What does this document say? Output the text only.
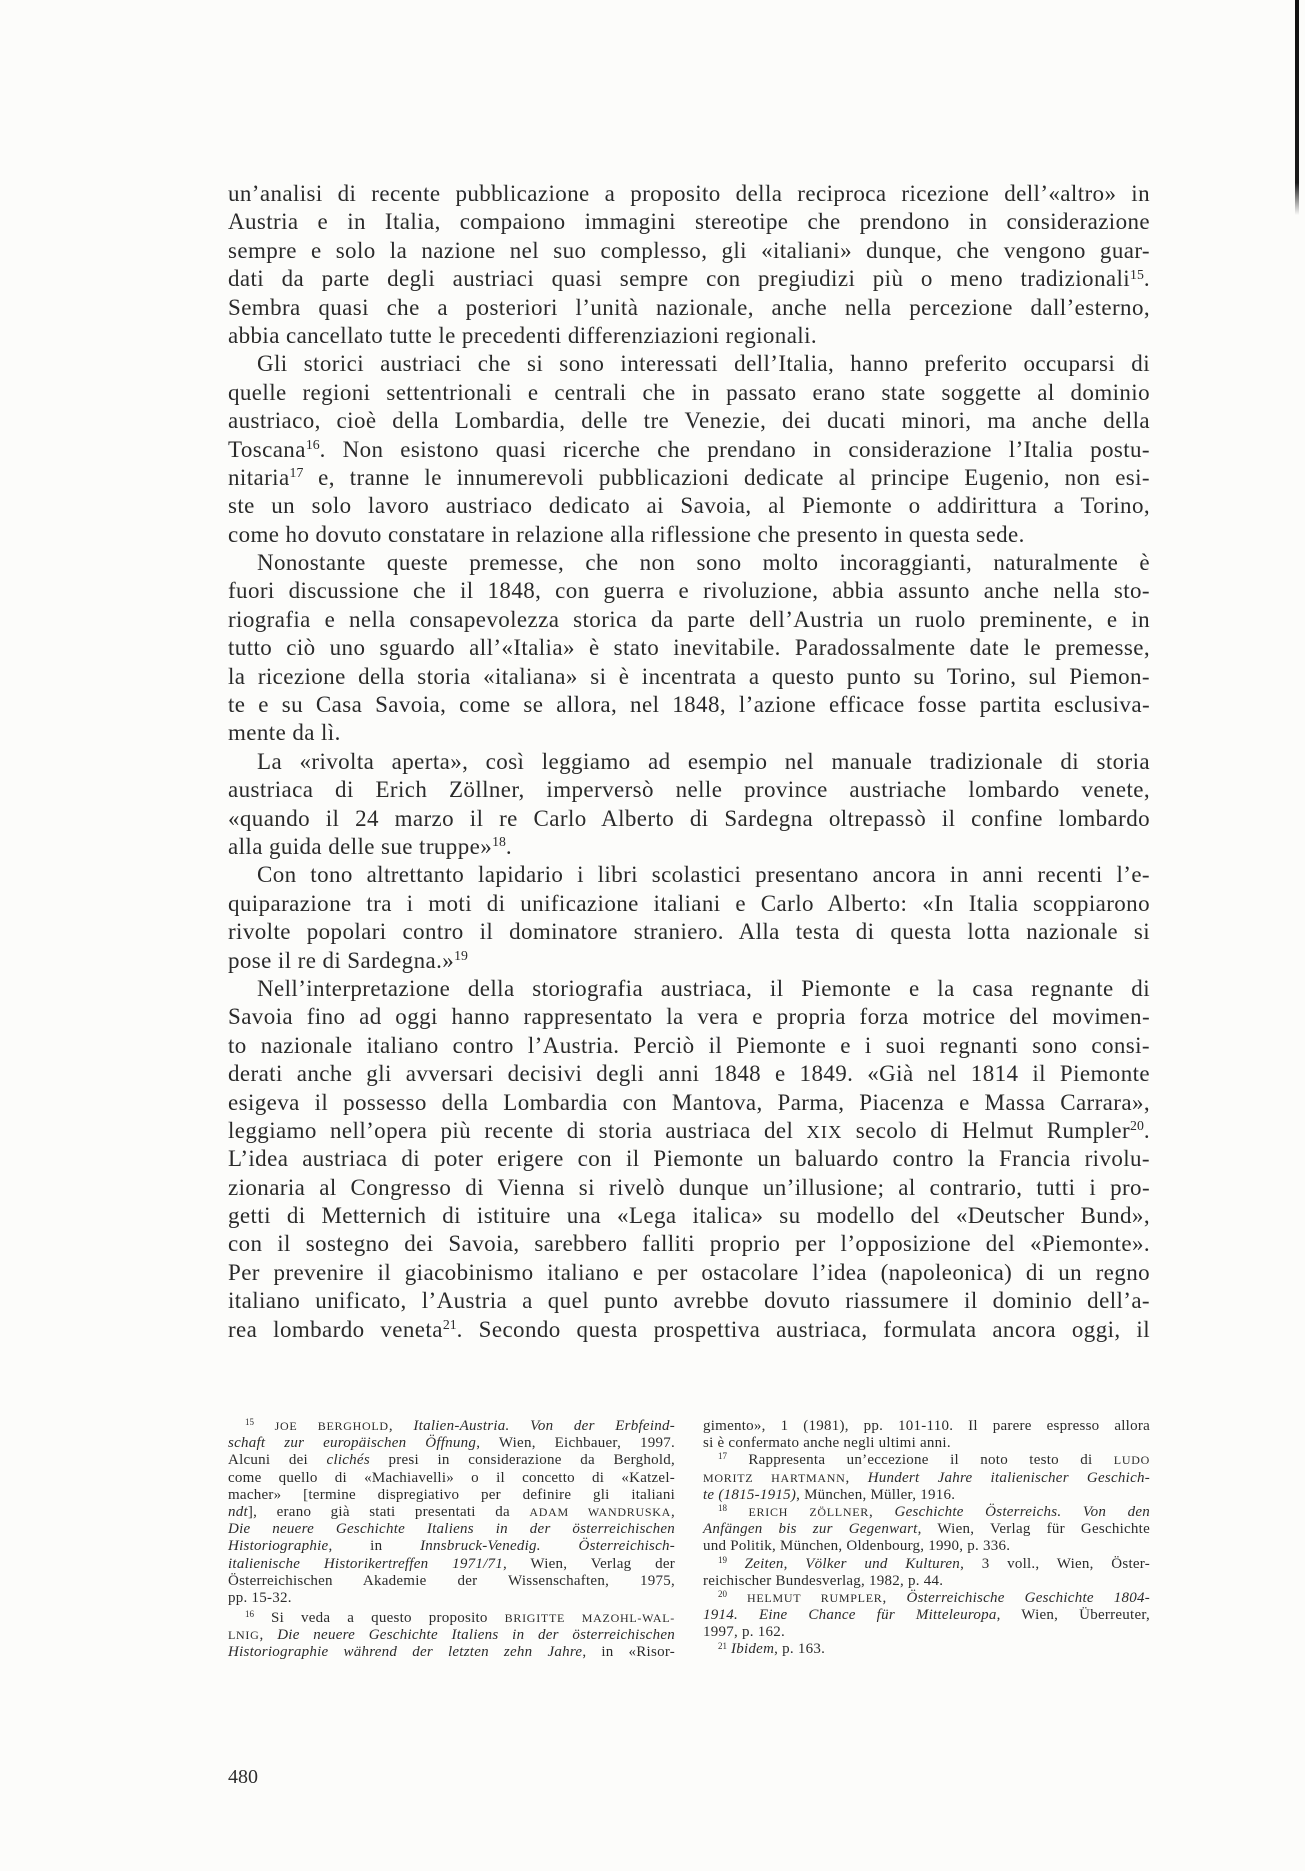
un’analisi di recente pubblicazione a proposito della reciproca ricezione dell’«altro» in
Austria e in Italia, compaiono immagini stereotipe che prendono in considerazione
sempre e solo la nazione nel suo complesso, gli «italiani» dunque, che vengono guar-
dati da parte degli austriaci quasi sempre con pregiudizi più o meno tradizionali$^{15}$.
Sembra quasi che a posteriori l’unità nazionale, anche nella percezione dall’esterno,
abbia cancellato tutte le precedenti differenziazioni regionali.
Gli storici austriaci che si sono interessati dell’Italia, hanno preferito occuparsi di
quelle regioni settentrionali e centrali che in passato erano state soggette al dominio
austriaco, cioè della Lombardia, delle tre Venezie, dei ducati minori, ma anche della
Toscana$^{16}$. Non esistono quasi ricerche che prendano in considerazione l’Italia postu-
nitaria$^{17}$ e, tranne le innumerevoli pubblicazioni dedicate al principe Eugenio, non esi-
ste un solo lavoro austriaco dedicato ai Savoia, al Piemonte o addirittura a Torino,
come ho dovuto constatare in relazione alla riflessione che presento in questa sede.
Nonostante queste premesse, che non sono molto incoraggianti, naturalmente è
fuori discussione che il 1848, con guerra e rivoluzione, abbia assunto anche nella sto-
riografia e nella consapevolezza storica da parte dell’Austria un ruolo preminente, e in
tutto ciò uno sguardo all’«Italia» è stato inevitabile. Paradossalmente date le premesse,
la ricezione della storia «italiana» si è incentrata a questo punto su Torino, sul Piemon-
te e su Casa Savoia, come se allora, nel 1848, l’azione efficace fosse partita esclusiva-
mente da lì.
La «rivolta aperta», così leggiamo ad esempio nel manuale tradizionale di storia
austriaca di Erich Zöllner, imperversò nelle province austriache lombardo venete,
«quando il 24 marzo il re Carlo Alberto di Sardegna oltrepassò il confine lombardo
alla guida delle sue truppe»$^{18}$.
Con tono altrettanto lapidario i libri scolastici presentano ancora in anni recenti l’e-
quiparazione tra i moti di unificazione italiani e Carlo Alberto: «In Italia scoppiarono
rivolte popolari contro il dominatore straniero. Alla testa di questa lotta nazionale si
pose il re di Sardegna.»$^{19}$
Nell’interpretazione della storiografia austriaca, il Piemonte e la casa regnante di
Savoia fino ad oggi hanno rappresentato la vera e propria forza motrice del movimen-
to nazionale italiano contro l’Austria. Perciò il Piemonte e i suoi regnanti sono consi-
derati anche gli avversari decisivi degli anni 1848 e 1849. «Già nel 1814 il Piemonte
esigeva il possesso della Lombardia con Mantova, Parma, Piacenza e Massa Carrara»,
leggiamo nell’opera più recente di storia austriaca del XIX secolo di Helmut Rumpler$^{20}$.
L’idea austriaca di poter erigere con il Piemonte un baluardo contro la Francia rivolu-
zionaria al Congresso di Vienna si rivelò dunque un’illusione; al contrario, tutti i pro-
getti di Metternich di istituire una «Lega italica» su modello del «Deutscher Bund»,
con il sostegno dei Savoia, sarebbero falliti proprio per l’opposizione del «Piemonte».
Per prevenire il giacobinismo italiano e per ostacolare l’idea (napoleonica) di un regno
italiano unificato, l’Austria a quel punto avrebbe dovuto riassumere il dominio dell’a-
rea lombardo veneta$^{21}$. Secondo questa prospettiva austriaca, formulata ancora oggi, il
$^{15}$ JOE BERGHOLD, Italien-Austria. Von der Erbfeind-
schaft zur europäischen Öffnung, Wien, Eichbauer, 1997.
Alcuni dei clichés presi in considerazione da Berghold,
come quello di «Machiavelli» o il concetto di «Katzel-
macher» [termine dispregiativo per definire gli italiani
ndt], erano già stati presentati da ADAM WANDRUSKA,
Die neuere Geschichte Italiens in der österreichischen
Historiographie, in Innsbruck-Venedig. Österreichisch-
italienische Historikertreffen 1971/71, Wien, Verlag der
Österreichischen Akademie der Wissenschaften, 1975,
pp. 15-32.
$^{16}$ Si veda a questo proposito BRIGITTE MAZOHL-WAL-
LNIG, Die neuere Geschichte Italiens in der österreichischen
Historiographie während der letzten zehn Jahre, in «Risor-
gimento», 1 (1981), pp. 101-110. Il parere espresso allora
si è confermato anche negli ultimi anni.
$^{17}$ Rappresenta un’eccezione il noto testo di LUDO
MORITZ HARTMANN, Hundert Jahre italienischer Geschich-
te (1815-1915), München, Müller, 1916.
$^{18}$ ERICH ZÖLLNER, Geschichte Österreichs. Von den
Anfängen bis zur Gegenwart, Wien, Verlag für Geschichte
und Politik, München, Oldenbourg, 1990, p. 336.
$^{19}$ Zeiten, Völker und Kulturen, 3 voll., Wien, Öster-
reichischer Bundesverlag, 1982, p. 44.
$^{20}$ HELMUT RUMPLER, Österreichische Geschichte 1804-
1914. Eine Chance für Mitteleuropa, Wien, Überreuter,
1997, p. 162.
$^{21}$ Ibidem, p. 163.
480
